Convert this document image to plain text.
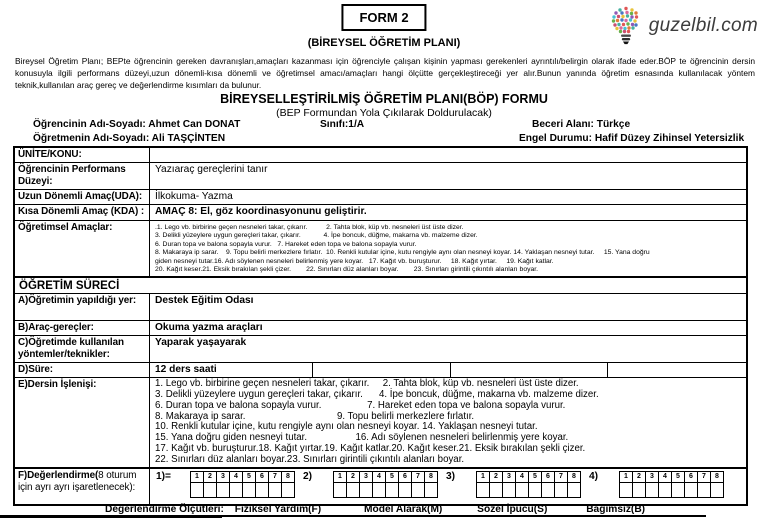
FORM 2
(BİREYSEL ÖĞRETİM PLANI)
guzelbil.com
Bireysel Öğretim Planı; BEPte öğrencinin gereken davranışları,amaçları kazanması için öğrenciyle çalışan kişinin yapması gerekenleri ayrıntılı/belirgin olarak ifade eder.BÖP te öğrencinin dersin konusuyla ilgili performans düzeyi,uzun dönemli-kısa dönemli ve öğretimsel amacı/amaçları hangi ölçütte gerçekleştireceği yer alır.Bunun yanında öğretim esnasında kullanılacak yöntem teknik,kullanılan araç gereç ve değerlendirme kısımları da bulunur.
BİREYSELLEŞTİRİLMİŞ ÖĞRETİM PLANI(BÖP) FORMU
(BEP Formundan Yola Çıkılarak Doldurulacak)
Öğrencinin Adı-Soyadı: Ahmet Can DONAT	Sınıfı:1/A	Beceri Alanı: Türkçe
Öğretmenin Adı-Soyadı: Ali TAŞÇİNTEN	Engel Durumu: Hafif Düzey Zihinsel Yetersizlik
ÜNİTE/KONU:
Öğrencinin Performans Düzeyi:
Yazıaraç gereçlerini tanır
Uzun Dönemli Amaç(UDA):	İlkokuma- Yazma
Kısa Dönemli Amaç (KDA) :	AMAÇ 8: El, göz koordinasyonunu geliştirir.
Öğretimsel Amaçlar:	.1. Lego vb. birbirine geçen nesneleri takar, çıkarır.          2. Tahta blok, küp vb. nesneleri üst üste dizer.
3. Delikli yüzeylere uygun gereçleri takar, çıkarır.            4. İpe boncuk, düğme, makarna vb. malzeme dizer.
6. Duran topa ve balona sopayla vurur.   7. Hareket eden topa ve balona sopayla vurur.
8. Makaraya ip sarar.    9. Topu belirli merkezlere fırlatır.  10. Renkli kutular içine, kutu rengiyle aynı olan nesneyi koyar. 14. Yaklaşan nesneyi tutar.     15. Yana doğru
giden nesneyi tutar.16. Adı söylenen nesneleri belirlenmiş yere koyar.   17. Kağıt vb. buruşturur.     18. Kağıt yırtar.     19. Kağıt katlar.
20. Kağıt keser.21. Eksik bırakılan şekli çizer.        22. Sınırları düz alanları boyar.        23. Sınırları girintili çıkıntılı alanları boyar.
ÖĞRETİM SÜRECİ
A)Öğretimin yapıldığı yer:	Destek Eğitim Odası
B)Araç-gereçler:	Okuma yazma araçları
C)Öğretimde kullanılan yöntemler/teknikler:
Yaparak yaşayarak
D)Süre:	12 ders saati
E)Dersin İşlenişi:	1. Lego vb. birbirine geçen nesneleri takar, çıkarır.     2. Tahta blok, küp vb. nesneleri üst üste dizer.
3. Delikli yüzeylere uygun gereçleri takar, çıkarır.      4. İpe boncuk, düğme, makarna vb. malzeme dizer.
6. Duran topa ve balona sopayla vurur.                 7. Hareket eden topa ve balona sopayla vurur.
8. Makaraya ip sarar.                                  9. Topu belirli merkezlere fırlatır.
10. Renkli kutular içine, kutu rengiyle aynı olan nesneyi koyar. 14. Yaklaşan nesneyi tutar.
15. Yana doğru giden nesneyi tutar.                  16. Adı söylenen nesneleri belirlenmiş yere koyar.
17. Kağıt vb. buruşturur.18. Kağıt yırtar.19. Kağıt katlar.20. Kağıt keser.21. Eksik bırakılan şekli çizer.
22. Sınırları düz alanları boyar.23. Sınırları girintili çıkıntılı alanları boyar.
F)Değerlendirme(8 oturum için ayrı ayrı işaretlenecek):
1)=	1	2	3	4	5	6	7	8	2)	1	2	3	4	5	6	7	8	3)	1	2	3	4	5	6	7	8	4)	1	2	3	4	5	6	7	8
Değerlendirme Ölçütleri: Fiziksel Yardım(F)	Model Alarak(M)	Sözel İpucu(S)	Bağımsız(B)
